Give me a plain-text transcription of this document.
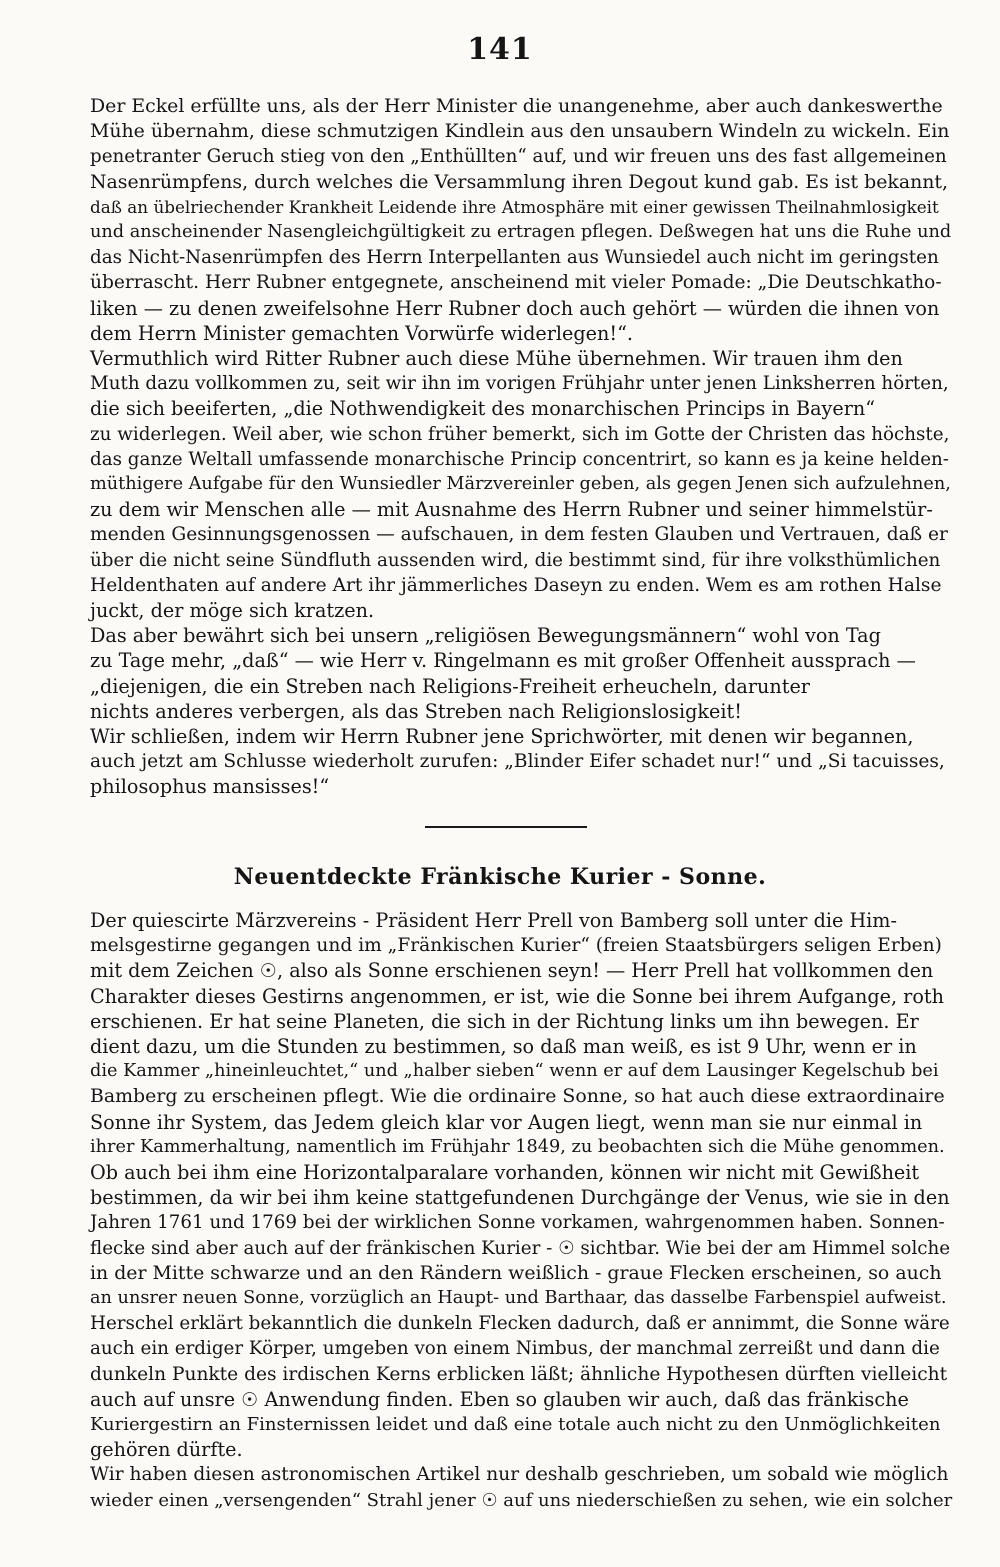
141
Der Eckel erfüllte uns, als der Herr Minister die unangenehme, aber auch dankeswerthe
Mühe übernahm, diese schmutzigen Kindlein aus den unsaubern Windeln zu wickeln. Ein
penetranter Geruch stieg von den „Enthüllten“ auf, und wir freuen uns des fast allgemeinen
Nasenrümpfens, durch welches die Versammlung ihren Degout kund gab. Es ist bekannt,
daß an übelriechender Krankheit Leidende ihre Atmosphäre mit einer gewissen Theilnahmlosigkeit
und anscheinender Nasengleichgültigkeit zu ertragen pflegen. Deßwegen hat uns die Ruhe und
das Nicht-Nasenrümpfen des Herrn Interpellanten aus Wunsiedel auch nicht im geringsten
überrascht. Herr Rubner entgegnete, anscheinend mit vieler Pomade: „Die Deutschkatho-
liken — zu denen zweifelsohne Herr Rubner doch auch gehört — würden die ihnen von
dem Herrn Minister gemachten Vorwürfe widerlegen!“.
Vermuthlich wird Ritter Rubner auch diese Mühe übernehmen. Wir trauen ihm den
Muth dazu vollkommen zu, seit wir ihn im vorigen Frühjahr unter jenen Linksherren hörten,
die sich beeiferten, „die Nothwendigkeit des monarchischen Princips in Bayern“
zu widerlegen. Weil aber, wie schon früher bemerkt, sich im Gotte der Christen das höchste,
das ganze Weltall umfassende monarchische Princip concentrirt, so kann es ja keine helden-
müthigere Aufgabe für den Wunsiedler Märzvereinler geben, als gegen Jenen sich aufzulehnen,
zu dem wir Menschen alle — mit Ausnahme des Herrn Rubner und seiner himmelstür-
menden Gesinnungsgenossen — aufschauen, in dem festen Glauben und Vertrauen, daß er
über die nicht seine Sündfluth aussenden wird, die bestimmt sind, für ihre volksthümlichen
Heldenthaten auf andere Art ihr jämmerliches Daseyn zu enden. Wem es am rothen Halse
juckt, der möge sich kratzen.
Das aber bewährt sich bei unsern „religiösen Bewegungsmännern“ wohl von Tag
zu Tage mehr, „daß“ — wie Herr v. Ringelmann es mit großer Offenheit aussprach —
„diejenigen, die ein Streben nach Religions-Freiheit erheucheln, darunter
nichts anderes verbergen, als das Streben nach Religionslosigkeit!
Wir schließen, indem wir Herrn Rubner jene Sprichwörter, mit denen wir begannen,
auch jetzt am Schlusse wiederholt zurufen: „Blinder Eifer schadet nur!“ und „Si tacuisses,
philosophus mansisses!“
Neuentdeckte Fränkische Kurier - Sonne.
Der quiescirte Märzvereins - Präsident Herr Prell von Bamberg soll unter die Him-
melsgestirne gegangen und im „Fränkischen Kurier“ (freien Staatsbürgers seligen Erben)
mit dem Zeichen ☉, also als Sonne erschienen seyn! — Herr Prell hat vollkommen den
Charakter dieses Gestirns angenommen, er ist, wie die Sonne bei ihrem Aufgange, roth
erschienen. Er hat seine Planeten, die sich in der Richtung links um ihn bewegen. Er
dient dazu, um die Stunden zu bestimmen, so daß man weiß, es ist 9 Uhr, wenn er in
die Kammer „hineinleuchtet,“ und „halber sieben“ wenn er auf dem Lausinger Kegelschub bei
Bamberg zu erscheinen pflegt. Wie die ordinaire Sonne, so hat auch diese extraordinaire
Sonne ihr System, das Jedem gleich klar vor Augen liegt, wenn man sie nur einmal in
ihrer Kammerhaltung, namentlich im Frühjahr 1849, zu beobachten sich die Mühe genommen.
Ob auch bei ihm eine Horizontalparalare vorhanden, können wir nicht mit Gewißheit
bestimmen, da wir bei ihm keine stattgefundenen Durchgänge der Venus, wie sie in den
Jahren 1761 und 1769 bei der wirklichen Sonne vorkamen, wahrgenommen haben. Sonnen-
flecke sind aber auch auf der fränkischen Kurier - ☉ sichtbar. Wie bei der am Himmel solche
in der Mitte schwarze und an den Rändern weißlich - graue Flecken erscheinen, so auch
an unsrer neuen Sonne, vorzüglich an Haupt- und Barthaar, das dasselbe Farbenspiel aufweist.
Herschel erklärt bekanntlich die dunkeln Flecken dadurch, daß er annimmt, die Sonne wäre
auch ein erdiger Körper, umgeben von einem Nimbus, der manchmal zerreißt und dann die
dunkeln Punkte des irdischen Kerns erblicken läßt; ähnliche Hypothesen dürften vielleicht
auch auf unsre ☉ Anwendung finden. Eben so glauben wir auch, daß das fränkische
Kuriergestirn an Finsternissen leidet und daß eine totale auch nicht zu den Unmöglichkeiten
gehören dürfte.
Wir haben diesen astronomischen Artikel nur deshalb geschrieben, um sobald wie möglich
wieder einen „versengenden“ Strahl jener ☉ auf uns niederschießen zu sehen, wie ein solcher
